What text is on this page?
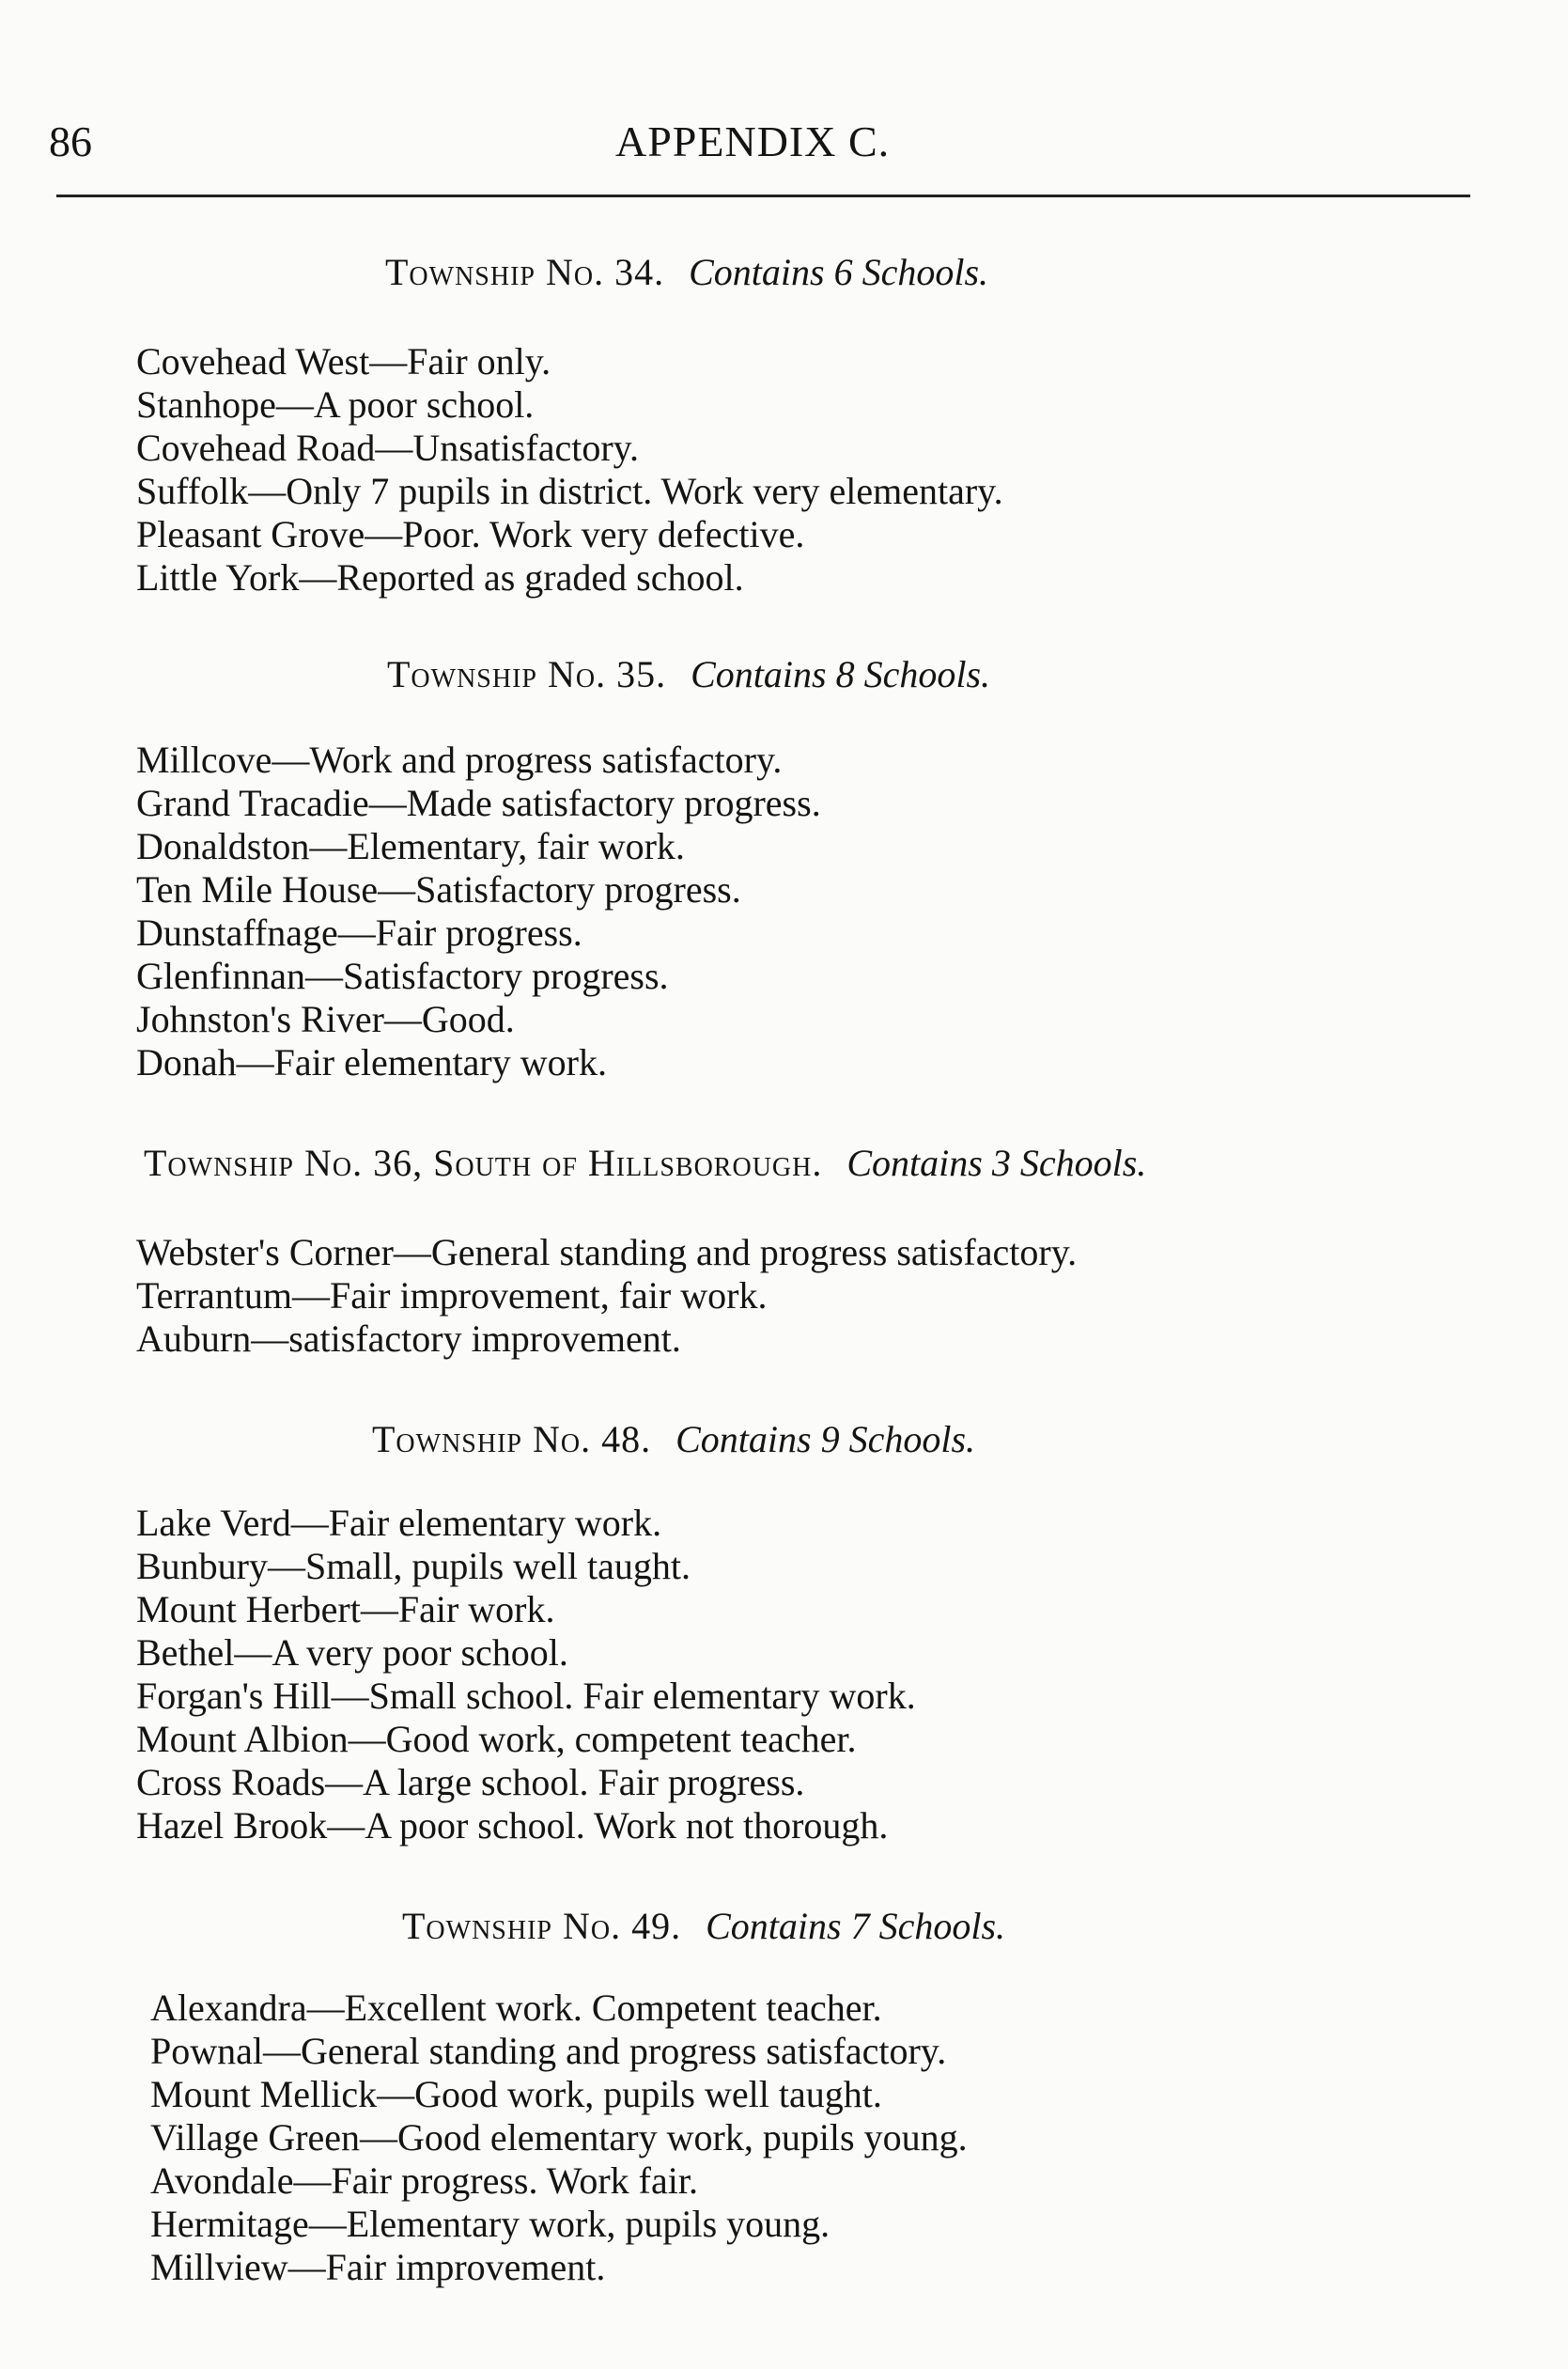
86	APPENDIX C.
Township No. 34. Contains 6 Schools.
Covehead West—Fair only.
Stanhope—A poor school.
Covehead Road—Unsatisfactory.
Suffolk—Only 7 pupils in district. Work very elementary.
Pleasant Grove—Poor. Work very defective.
Little York—Reported as graded school.
Township No. 35. Contains 8 Schools.
Millcove—Work and progress satisfactory.
Grand Tracadie—Made satisfactory progress.
Donaldston—Elementary, fair work.
Ten Mile House—Satisfactory progress.
Dunstaffnage—Fair progress.
Glenfinnan—Satisfactory progress.
Johnston's River—Good.
Donah—Fair elementary work.
Township No. 36, South of Hillsborough. Contains 3 Schools.
Webster's Corner—General standing and progress satisfactory.
Terrantum—Fair improvement, fair work.
Auburn—satisfactory improvement.
Township No. 48. Contains 9 Schools.
Lake Verd—Fair elementary work.
Bunbury—Small, pupils well taught.
Mount Herbert—Fair work.
Bethel—A very poor school.
Forgan's Hill—Small school. Fair elementary work.
Mount Albion—Good work, competent teacher.
Cross Roads—A large school. Fair progress.
Hazel Brook—A poor school. Work not thorough.
Township No. 49. Contains 7 Schools.
Alexandra—Excellent work. Competent teacher.
Pownal—General standing and progress satisfactory.
Mount Mellick—Good work, pupils well taught.
Village Green—Good elementary work, pupils young.
Avondale—Fair progress. Work fair.
Hermitage—Elementary work, pupils young.
Millview—Fair improvement.
